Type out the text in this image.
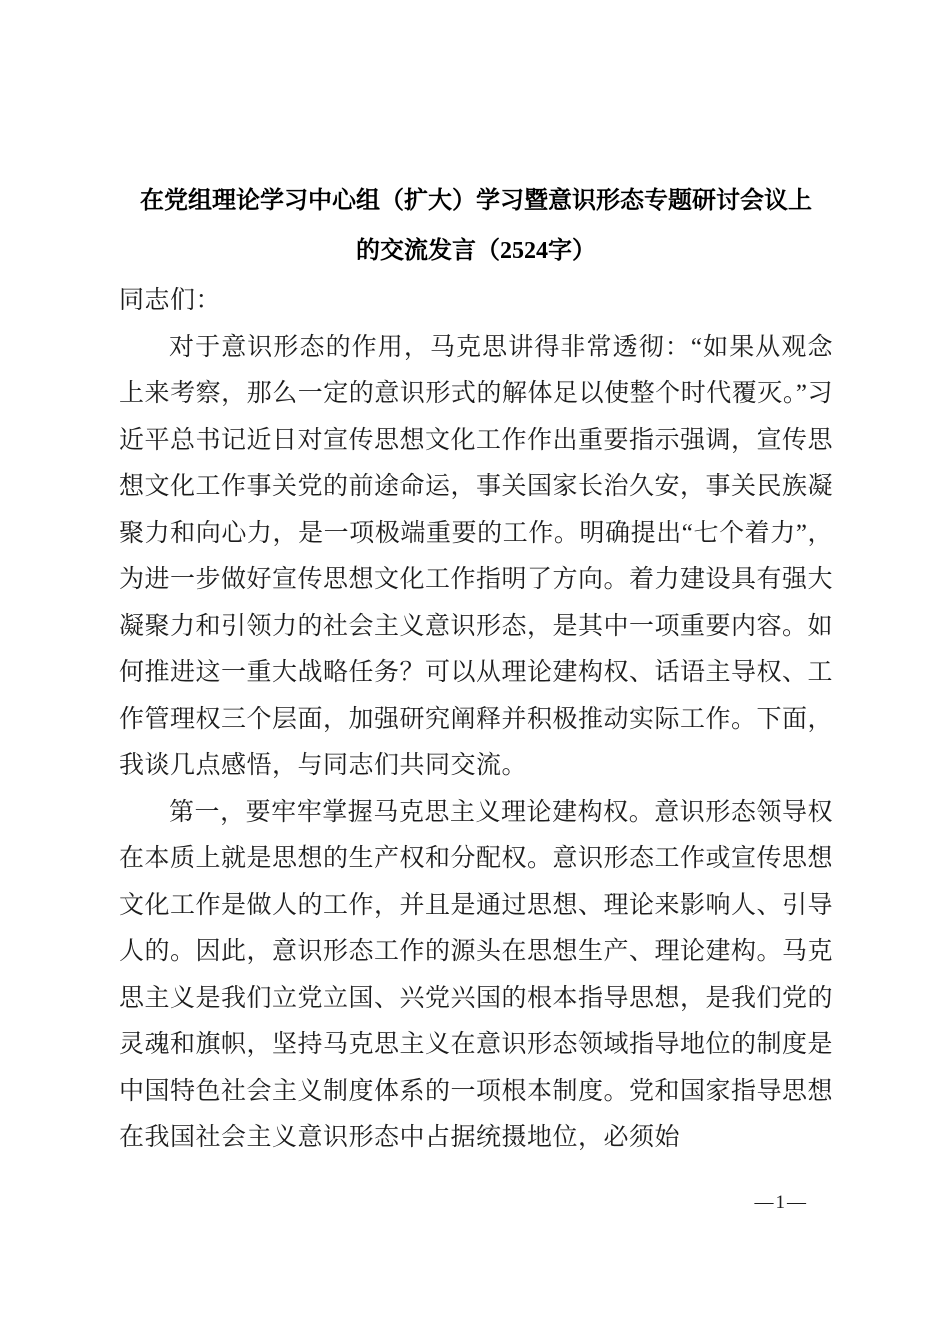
在党组理论学习中心组（扩大）学习暨意识形态专题研讨会议上
的交流发言（2524字）

同志们：

对于意识形态的作用，马克思讲得非常透彻：“如果从观念上来考察，那么一定的意识形式的解体足以使整个时代覆灭。”习近平总书记近日对宣传思想文化工作作出重要指示强调，宣传思想文化工作事关党的前途命运，事关国家长治久安，事关民族凝聚力和向心力，是一项极端重要的工作。明确提出“七个着力”，为进一步做好宣传思想文化工作指明了方向。着力建设具有强大凝聚力和引领力的社会主义意识形态，是其中一项重要内容。如何推进这一重大战略任务？可以从理论建构权、话语主导权、工作管理权三个层面，加强研究阐释并积极推动实际工作。下面，我谈几点感悟，与同志们共同交流。

第一，要牢牢掌握马克思主义理论建构权。意识形态领导权在本质上就是思想的生产权和分配权。意识形态工作或宣传思想文化工作是做人的工作，并且是通过思想、理论来影响人、引导人的。因此，意识形态工作的源头在思想生产、理论建构。马克思主义是我们立党立国、兴党兴国的根本指导思想，是我们党的灵魂和旗帜，坚持马克思主义在意识形态领域指导地位的制度是中国特色社会主义制度体系的一项根本制度。党和国家指导思想在我国社会主义意识形态中占据统摄地位，必须始

—1—
